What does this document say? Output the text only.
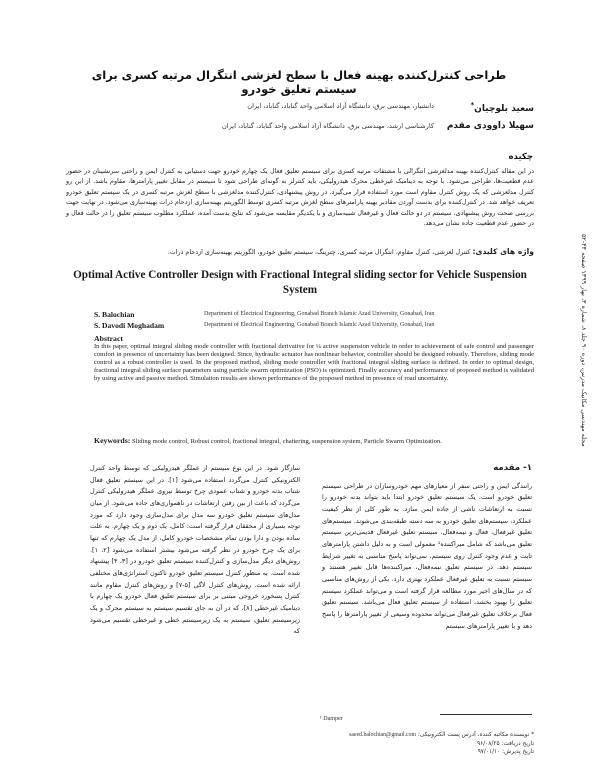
مجله مهندسی مکانیک مدرس، دوره ۹۰ جلد ۸، شماره ۳، بهار ۱۳۹۹ صفحه ۴۴-۵۲
طراحی کنترل‌کننده بهینه فعال با سطح لغزشی انتگرال مرتبه کسری برای سیستم تعلیق خودرو
سعید بلوچیان*
دانشیار، مهندسی برق، دانشگاه آزاد اسلامی واحد گناباد، گناباد، ایران
سهیلا داوودی مقدم
کارشناسی ارشد، مهندسی برق، دانشگاه آزاد اسلامی واحد گناباد، گناباد، ایران
چکیده
در این مقاله کنترل‌کننده بهینه مدلغزشی انتگرالی با مشتقات مرتبه کسری برای سیستم تعلیق فعال یک چهارم خودرو جهت دستیابی به کنترل ایمن و راحتی سرنشینان در حضور عدم قطعیت‌ها، طراحی می‌شود. با توجه به دینامیک غیرخطی محرک هیدرولیکی، باید کنترلر به گونه‌ای طراحی شود تا سیستم در مقابل تغییر پارامترها، مقاوم باشد. از این رو کنترل مدلغزشی که یک روش کنترل مقاوم است مورد استفاده قرار می‌گیرد. در روش پیشنهادی، کنترل‌کننده مدلغزشی با سطح لغزش مرتبه کسری در یک سیستم تعلیق خودرو تعریف خواهد شد. در کنترل‌کننده برای بدست آوردن مقادیر بهینه پارامترهای سطح لغزش مرتبه کسری توسط الگوریتم بهینه‌سازی ازدحام ذرات بهینه‌سازی می‌شود. در نهایت جهت بررسی صحت روش پیشنهادی، سیستم در دو حالت فعال و غیرفعال شبیه‌سازی و با یکدیگر مقایسه می‌شود که نتایج بدست آمده، عملکرد مطلوب سیستم تعلیق را در حالت فعال و در حضور عدم قطعیت جاده نشان می‌دهد.
واژه های کلیدی: کنترل لغزشی، کنترل مقاوم، انتگرال مرتبه کسری، چترینگ، سیستم تعلیق خودرو، الگوریتم بهینه‌سازی ازدحام ذرات.
Optimal Active Controller Design with Fractional Integral sliding sector for Vehicle Suspension System
S. Balochian	Department of Electrical Engineering, Gonabad Branch Islamic Azad University, Gonabad, Iran
S. Davodi Moghadam	Department of Electrical Engineering, Gonabad Branch Islamic Azad University, Gonabad, Iran
Abstract
In this paper, optimal integral sliding mode controller with fractional derivative for ¼ active suspension vehicle in order to achievement of safe control and passenger comfort in presence of uncertainty has been designed. Since, hydraulic actuator has nonlinear behavior, controller should be designed robustly. Therefore, sliding mode control as a robust controller is used. In the proposed method, sliding mode controller with fractional integral sliding surface is defined. In order to optimal design, fractional integral sliding surface parameters using particle swarm optimization (PSO) is optimized. Finally accuracy and performance of proposed method is validated by using active and passive method. Simulation results are shown performance of the proposed method in presence of road uncertainty.
Keywords: Sliding mode control, Robust control, fractional integral, chattering, suspension system, Particle Swarm Optimization.
۱- مقدمه
رانندگی ایمن و راحتی سفر از معیارهای مهم خودروسازان در طراحی سیستم تعلیق خودرو است. یک سیستم تعلیق خودرو ابتدا باید بتواند بدنه خودرو را نسبت به ارتعاشات ناشی از جاده ایمن سازد. به طور کلی از نظر کیفیت عملکرد، سیستم‌های تعلیق خودرو به سه دسته طبقه‌بندی می‌شوند. سیستم‌های تعلیق غیرفعال، فعال و نیمه‌فعال. سیستم تعلیق غیرفعال قدیمی‌ترین سیستم تعلیق می‌باشد که شامل میراکننده¹ معمولی است و به دلیل داشتن پارامترهای ثابت و عدم وجود کنترل روی سیستم، نمی‌تواند پاسخ مناسبی به تغییر شرایط سیستم دهد. در سیستم تعلیق نیمه‌فعال، میراکننده‌ها قابل تغییر هستند و سیستم نسبت به تعلیق غیرفعال عملکرد بهتری دارد. یکی از روش‌های مناسبی که در سال‌های اخیر مورد مطالعه قرار گرفته است و می‌تواند عملکرد سیستم تعلیق را بهبود بخشد، استفاده از سیستم تعلیق فعال می‌باشد. سیستم تعلیق فعال برخلاف تعلیق غیرفعال می‌تواند محدوده وسیعی از تغییر پارامترها را پاسخ دهد و با تغییر پارامترهای سیستم
سازگار شود. در این نوع سیستم از عملگر هیدرولیکی که توسط واحد کنترل الکترونیکی کنترل می‌گردد استفاده می‌شود [۱]. در این سیستم تعلیق فعال شتاب بدنه خودرو و شتاب عمودی چرخ توسط نیروی عملگر هیدرولیکی کنترل می‌گردد که باعث از بین رفتن ارتعاشات در ناهمواری‌های جاده می‌شود. از میان مدل‌های سیستم تعلیق خودرو سه مدل برای مدل‌سازی وجود دارد که مورد توجه بسیاری از محققان قرار گرفته است: کامل، یک دوم و یک چهارم. به علت ساده بودن و دارا بودن تمام مشخصات خودرو کامل، از مدل یک چهارم که تنها برای یک چرخ خودرو در نظر گرفته می‌شود بیشتر استفاده می‌شود [۲، ۱]. روش‌های دیگر مدل‌سازی و کنترل‌کننده سیستم تعلیق خودرو در [۳، ۴] پیشنهاد شده است. به منظور کنترل سیستم تعلیق خودرو تاکنون استراتژی‌های مختلفی ارائه شده است. روش‌های کنترل لاگی [۵-۷] و روش‌های کنترل مقاوم مانند کنترل پسخورد خروجی مبتنی بر برای سیستم تعلیق فعال خودرو یک چهارم با دینامیک غیرخطی [۸]، که در آن به جای تقسیم سیستم به سیستم محرک و یک زیرسیستم تعلیق، سیستم به یک زیرسیستم خطی و غیرخطی تقسیم می‌شود که
¹ Damper
* نویسنده مکاتبه کننده، آدرس پست الکترونیکی: saeed.balochian@gmail.com
تاریخ دریافت: ۹۶/۰۸/۲۵
تاریخ پذیرش: ۹۷/۰۱/۱۰
